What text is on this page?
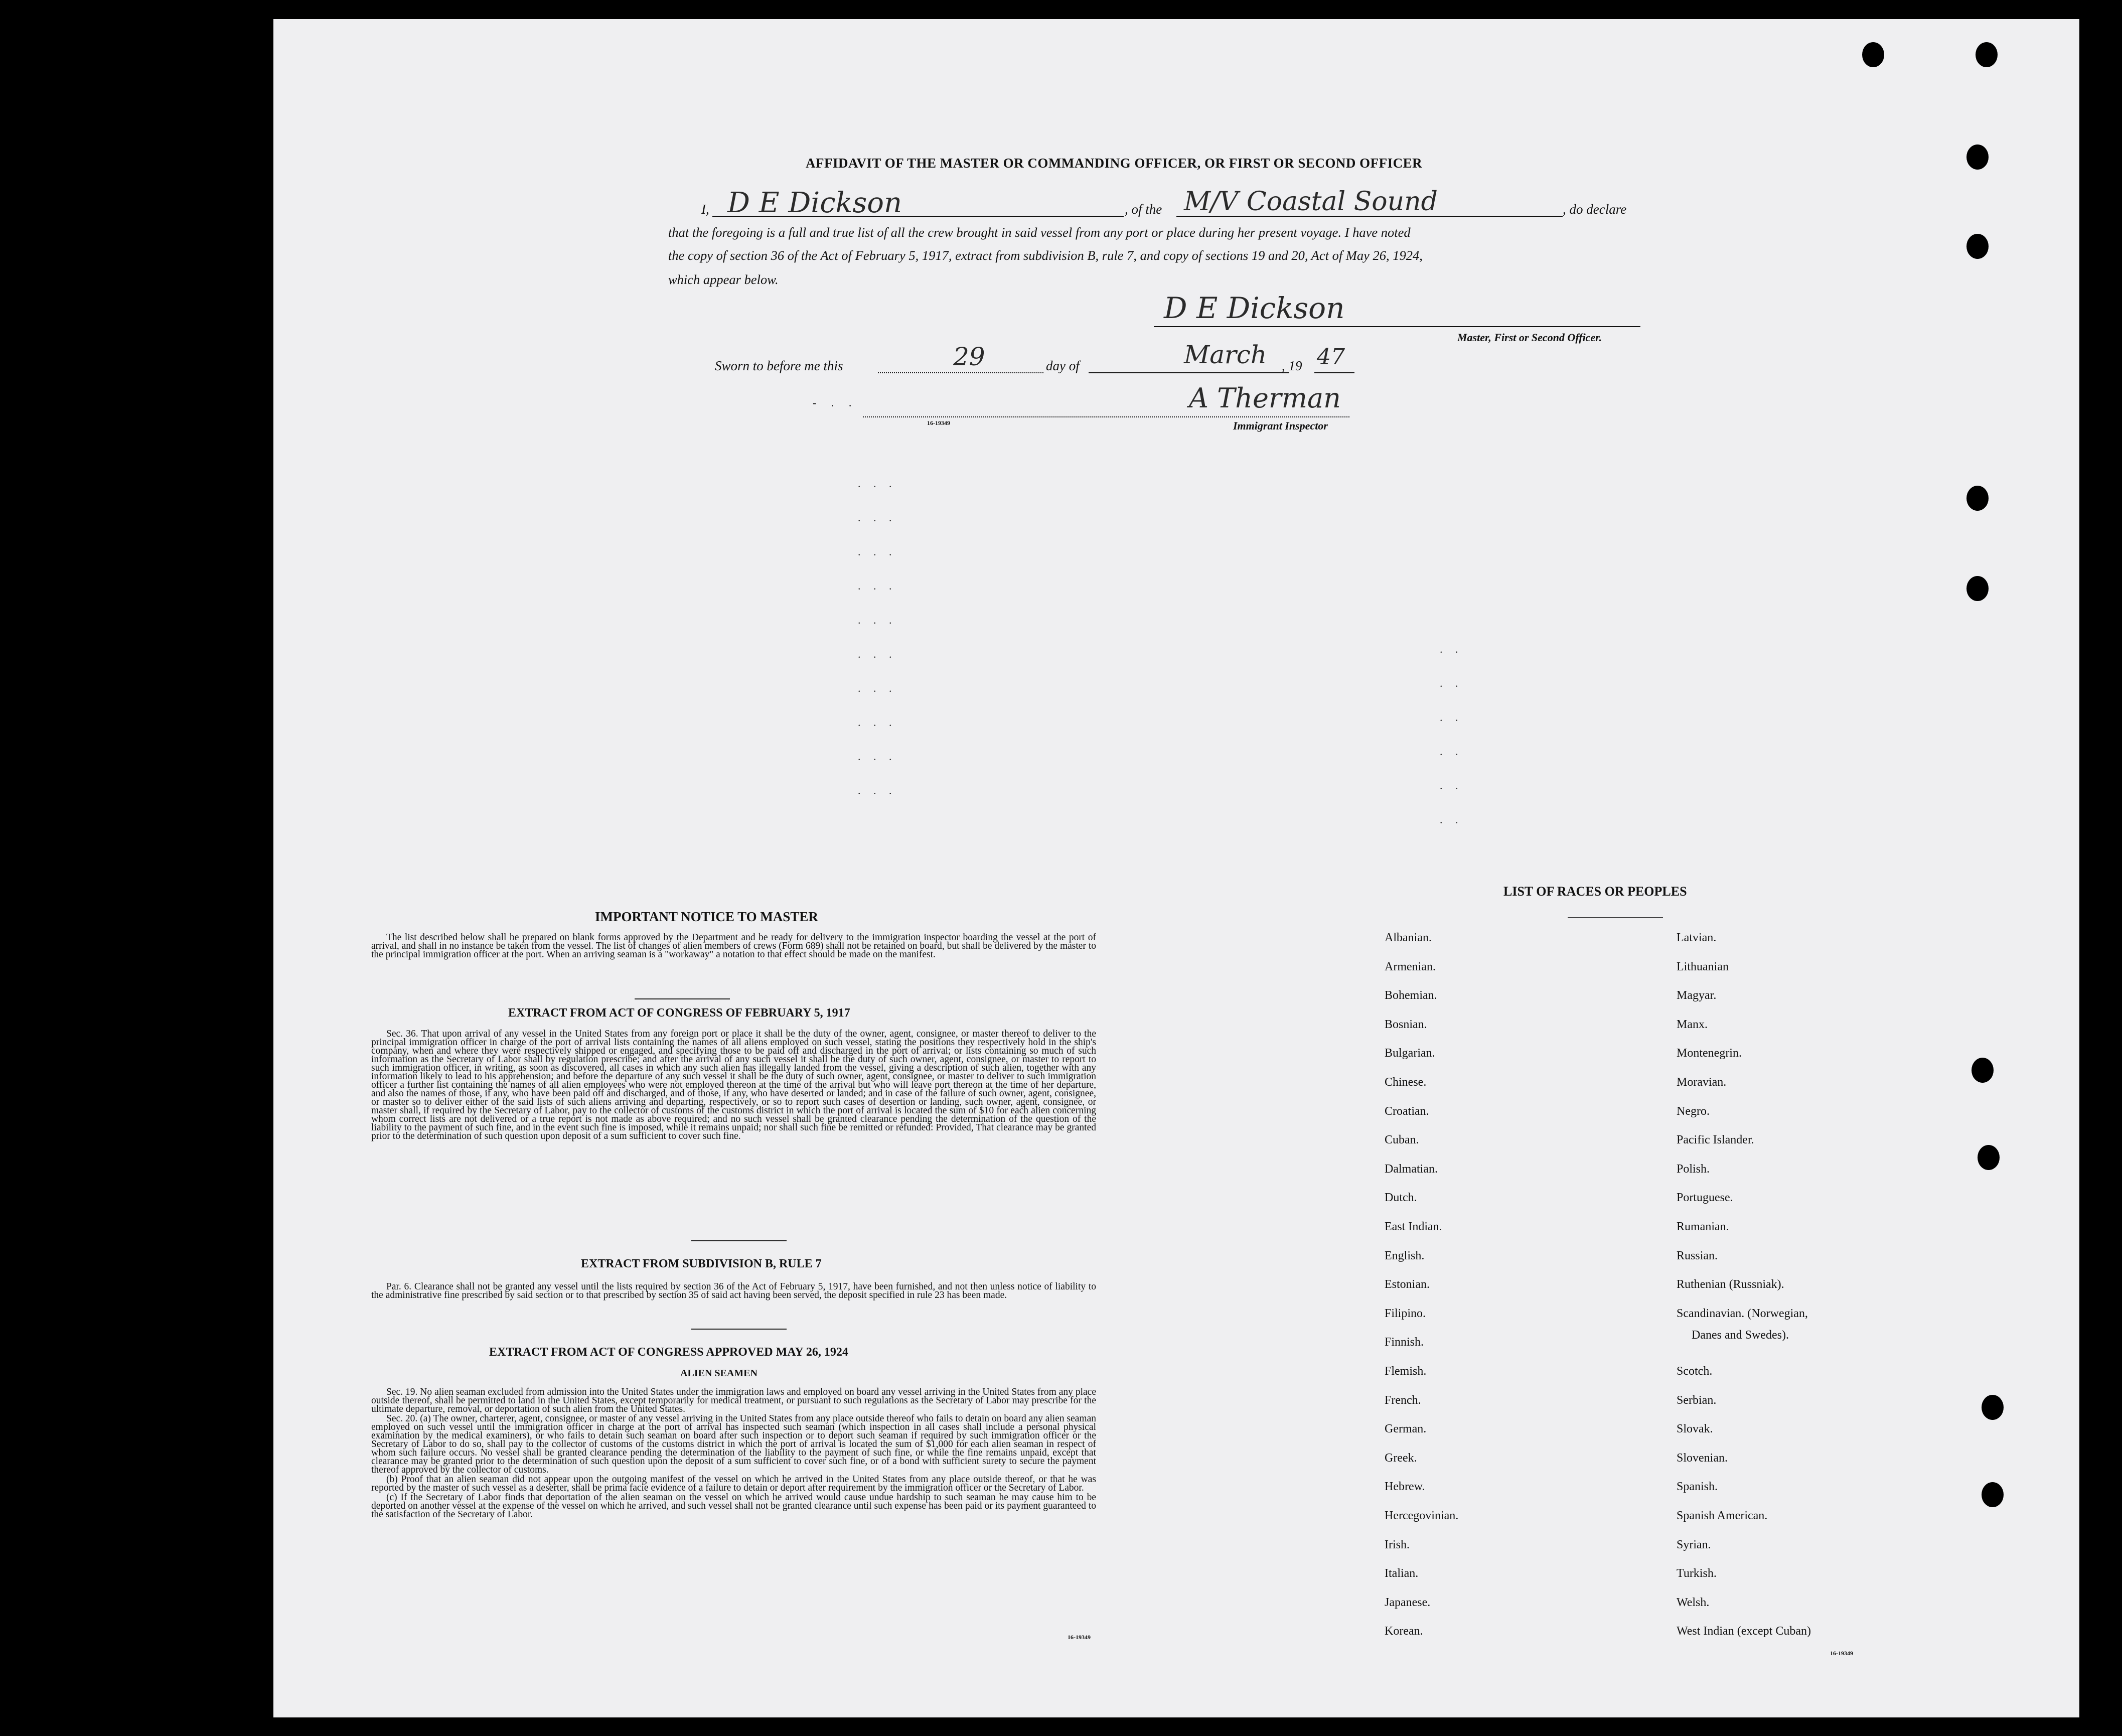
AFFIDAVIT OF THE MASTER OR COMMANDING OFFICER, OR FIRST OR SECOND OFFICER
I, D E Dickson	, of the M/V Coastal Sound	, do declare
that the foregoing is a full and true list of all the crew brought in said vessel from any port or place during her present voyage. I have noted
the copy of section 36 of the Act of February 5, 1917, extract from subdivision B, rule 7, and copy of sections 19 and 20, Act of May 26, 1924,
which appear below.
D E Dickson
Master, First or Second Officer.
Sworn to before me this	29	day of	March , 19 47
- . .	A Therman
16-19349	Immigrant Inspector
. . .
. . .
. . .
. . .
. . .
. . .
. . .
. . .
. . .
. . .
. .
. .
. .
. .
. .
. .
IMPORTANT NOTICE TO MASTER
The list described below shall be prepared on blank forms approved by the Department and be ready for delivery to the immigration inspector boarding the vessel at the port of arrival, and shall in no instance be taken from the vessel. The list of changes of alien members of crews (Form 689) shall not be retained on board, but shall be delivered by the master to the principal immigration officer at the port. When an arriving seaman is a "workaway" a notation to that effect should be made on the manifest.
EXTRACT FROM ACT OF CONGRESS OF FEBRUARY 5, 1917
Sec. 36. That upon arrival of any vessel in the United States from any foreign port or place it shall be the duty of the owner, agent, consignee, or master thereof to deliver to the principal immigration officer in charge of the port of arrival lists containing the names of all aliens employed on such vessel, stating the positions they respectively hold in the ship's company, when and where they were respectively shipped or engaged, and specifying those to be paid off and discharged in the port of arrival; or lists containing so much of such information as the Secretary of Labor shall by regulation prescribe; and after the arrival of any such vessel it shall be the duty of such owner, agent, consignee, or master to report to such immigration officer, in writing, as soon as discovered, all cases in which any such alien has illegally landed from the vessel, giving a description of such alien, together with any information likely to lead to his apprehension; and before the departure of any such vessel it shall be the duty of such owner, agent, consignee, or master to deliver to such immigration officer a further list containing the names of all alien employees who were not employed thereon at the time of the arrival but who will leave port thereon at the time of her departure, and also the names of those, if any, who have been paid off and discharged, and of those, if any, who have deserted or landed; and in case of the failure of such owner, agent, consignee, or master so to deliver either of the said lists of such aliens arriving and departing, respectively, or so to report such cases of desertion or landing, such owner, agent, consignee, or master shall, if required by the Secretary of Labor, pay to the collector of customs of the customs district in which the port of arrival is located the sum of $10 for each alien concerning whom correct lists are not delivered or a true report is not made as above required; and no such vessel shall be granted clearance pending the determination of the question of the liability to the payment of such fine, and in the event such fine is imposed, while it remains unpaid; nor shall such fine be remitted or refunded: Provided, That clearance may be granted prior to the determination of such question upon deposit of a sum sufficient to cover such fine.
EXTRACT FROM SUBDIVISION B, RULE 7
Par. 6. Clearance shall not be granted any vessel until the lists required by section 36 of the Act of February 5, 1917, have been furnished, and not then unless notice of liability to the administrative fine prescribed by said section or to that prescribed by section 35 of said act having been served, the deposit specified in rule 23 has been made.
EXTRACT FROM ACT OF CONGRESS APPROVED MAY 26, 1924
ALIEN SEAMEN

Sec. 19. No alien seaman excluded from admission into the United States under the immigration laws and employed on board any vessel arriving in the United States from any place outside thereof, shall be permitted to land in the United States, except temporarily for medical treatment, or pursuant to such regulations as the Secretary of Labor may prescribe for the ultimate departure, removal, or deportation of such alien from the United States.

Sec. 20. (a) The owner, charterer, agent, consignee, or master of any vessel arriving in the United States from any place outside thereof who fails to detain on board any alien seaman employed on such vessel until the immigration officer in charge at the port of arrival has inspected such seaman (which inspection in all cases shall include a personal physical examination by the medical examiners), or who fails to detain such seaman on board after such inspection or to deport such seaman if required by such immigration officer or the Secretary of Labor to do so, shall pay to the collector of customs of the customs district in which the port of arrival is located the sum of $1,000 for each alien seaman in respect of whom such failure occurs. No vessel shall be granted clearance pending the determination of the liability to the payment of such fine, or while the fine remains unpaid, except that clearance may be granted prior to the determination of such question upon the deposit of a sum sufficient to cover such fine, or of a bond with sufficient surety to secure the payment thereof approved by the collector of customs.

(b) Proof that an alien seaman did not appear upon the outgoing manifest of the vessel on which he arrived in the United States from any place outside thereof, or that he was reported by the master of such vessel as a deserter, shall be prima facie evidence of a failure to detain or deport after requirement by the immigration officer or the Secretary of Labor.

(c) If the Secretary of Labor finds that deportation of the alien seaman on the vessel on which he arrived would cause undue hardship to such seaman he may cause him to be deported on another vessel at the expense of the vessel on which he arrived, and such vessel shall not be granted clearance until such expense has been paid or its payment guaranteed to the satisfaction of the Secretary of Labor.

16-19349
LIST OF RACES OR PEOPLES
Albanian.
Armenian.
Bohemian.
Bosnian.
Bulgarian.
Chinese.
Croatian.
Cuban.
Dalmatian.
Dutch.
East Indian.
English.
Estonian.
Filipino.
Finnish.
Flemish.
French.
German.
Greek.
Hebrew.
Hercegovinian.
Irish.
Italian.
Japanese.
Korean.
Latvian.
Lithuanian
Magyar.
Manx.
Montenegrin.
Moravian.
Negro.
Pacific Islander.
Polish.
Portuguese.
Rumanian.
Russian.
Ruthenian (Russniak).
Scandinavian. (Norwegian,
Scotch.
Serbian.
Slovak.
Slovenian.
Spanish.
Spanish American.
Syrian.
Turkish.
Welsh.
West Indian (except Cuban)
Danes and Swedes).
16-19349
